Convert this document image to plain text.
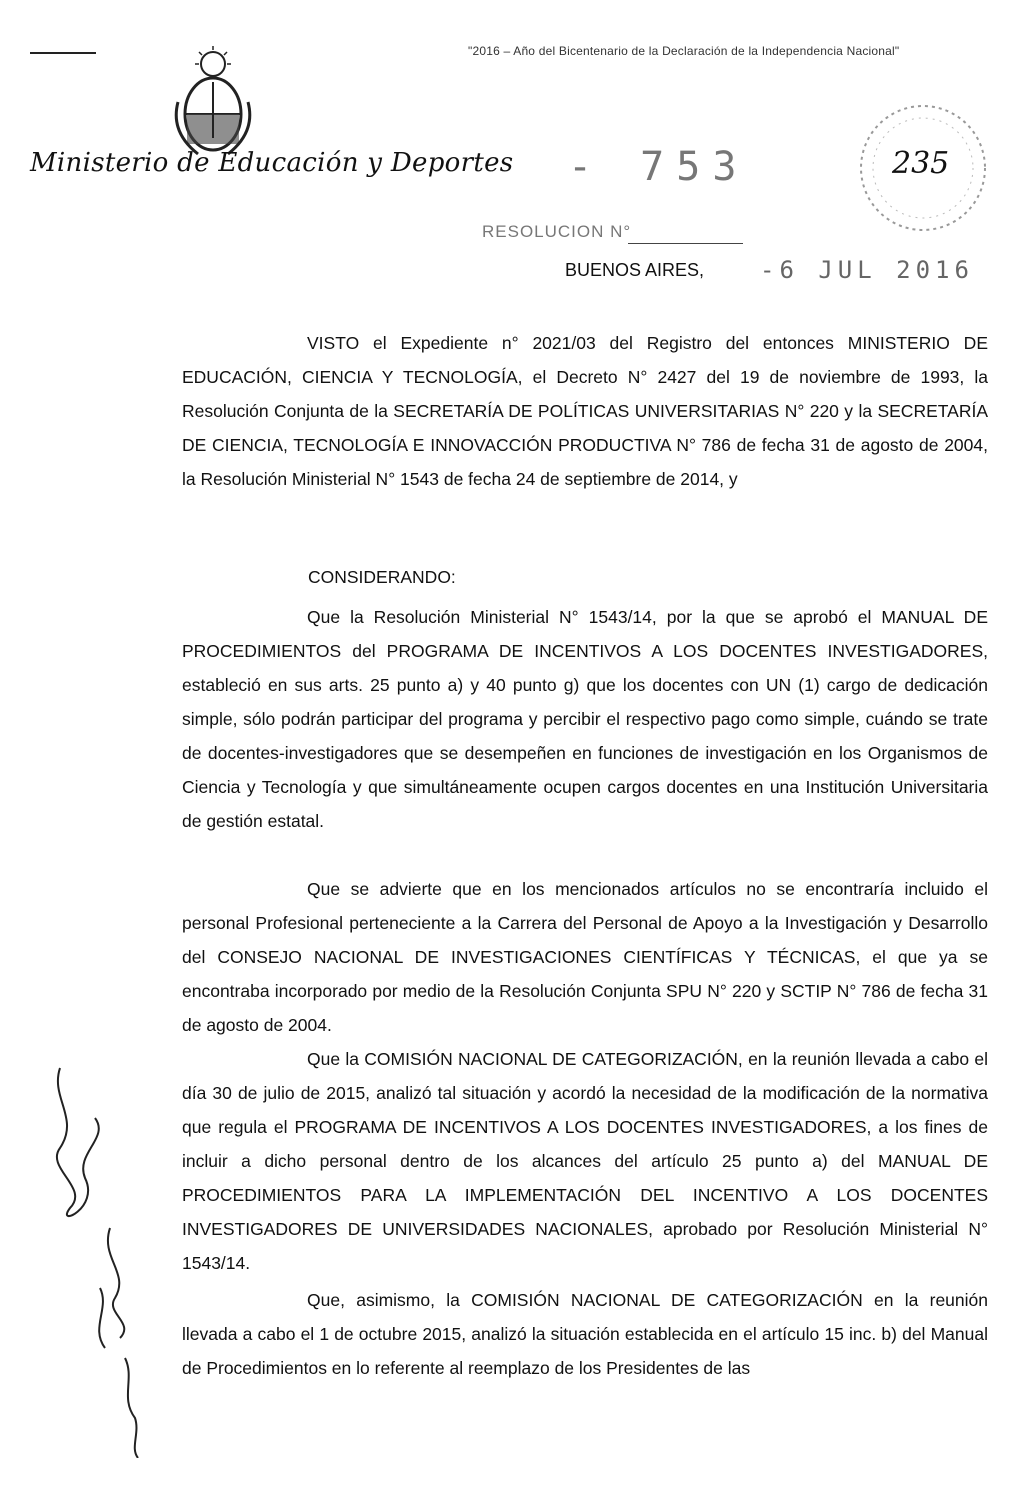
"2016 – Año del Bicentenario de la Declaración de la Independencia Nacional"
Ministerio de Educación y Deportes - 753	235
RESOLUCION N°
BUENOS AIRES, -6 JUL 2016
VISTO el Expediente n° 2021/03 del Registro del entonces MINISTERIO DE EDUCACIÓN, CIENCIA Y TECNOLOGÍA, el Decreto N° 2427 del 19 de noviembre de 1993, la Resolución Conjunta de la SECRETARÍA DE POLÍTICAS UNIVERSITARIAS N° 220 y la SECRETARÍA DE CIENCIA, TECNOLOGÍA E INNOVACCIÓN PRODUCTIVA N° 786 de fecha 31 de agosto de 2004, la Resolución Ministerial N° 1543 de fecha 24 de septiembre de 2014, y
CONSIDERANDO:
Que la Resolución Ministerial N° 1543/14, por la que se aprobó el MANUAL DE PROCEDIMIENTOS del PROGRAMA DE INCENTIVOS A LOS DOCENTES INVESTIGADORES, estableció en sus arts. 25 punto a) y 40 punto g) que los docentes con UN (1) cargo de dedicación simple, sólo podrán participar del programa y percibir el respectivo pago como simple, cuándo se trate de docentes-investigadores que se desempeñen en funciones de investigación en los Organismos de Ciencia y Tecnología y que simultáneamente ocupen cargos docentes en una Institución Universitaria de gestión estatal.
Que se advierte que en los mencionados artículos no se encontraría incluido el personal Profesional perteneciente a la Carrera del Personal de Apoyo a la Investigación y Desarrollo del CONSEJO NACIONAL DE INVESTIGACIONES CIENTÍFICAS Y TÉCNICAS, el que ya se encontraba incorporado por medio de la Resolución Conjunta SPU N° 220 y SCTIP N° 786 de fecha 31 de agosto de 2004.
Que la COMISIÓN NACIONAL DE CATEGORIZACIÓN, en la reunión llevada a cabo el día 30 de julio de 2015, analizó tal situación y acordó la necesidad de la modificación de la normativa que regula el PROGRAMA DE INCENTIVOS A LOS DOCENTES INVESTIGADORES, a los fines de incluir a dicho personal dentro de los alcances del artículo 25 punto a) del MANUAL DE PROCEDIMIENTOS PARA LA IMPLEMENTACIÓN DEL INCENTIVO A LOS DOCENTES INVESTIGADORES DE UNIVERSIDADES NACIONALES, aprobado por Resolución Ministerial N° 1543/14.
Que, asimismo, la COMISIÓN NACIONAL DE CATEGORIZACIÓN en la reunión llevada a cabo el 1 de octubre 2015, analizó la situación establecida en el artículo 15 inc. b) del Manual de Procedimientos en lo referente al reemplazo de los Presidentes de las
